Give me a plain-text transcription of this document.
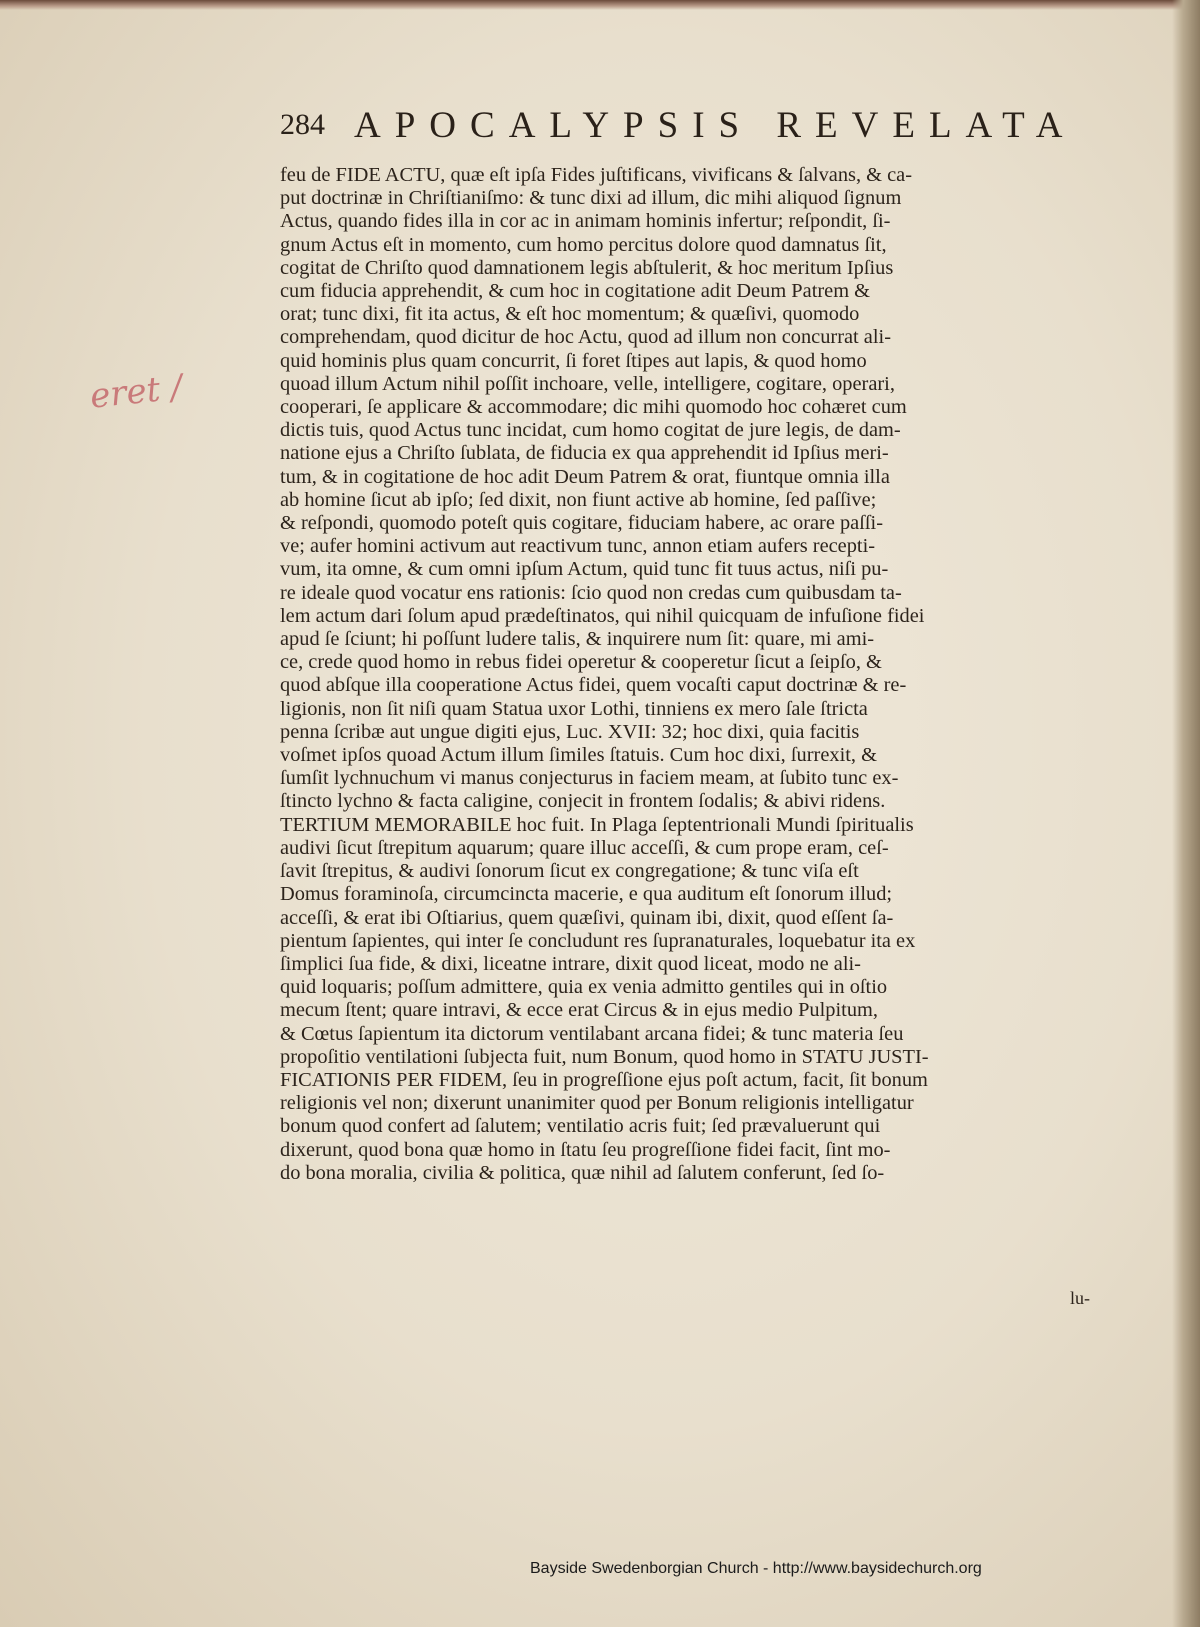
284 APOCALYPSIS REVELATA
eret /
feu de FIDE ACTU, quæ eſt ipſa Fides juſtificans, vivificans & ſalvans, & ca-
put doctrinæ in Chriſtianiſmo: & tunc dixi ad illum, dic mihi aliquod ſignum
Actus, quando fides illa in cor ac in animam hominis infertur; reſpondit, ſi-
gnum Actus eſt in momento, cum homo percitus dolore quod damnatus ſit,
cogitat de Chriſto quod damnationem legis abſtulerit, & hoc meritum Ipſius
cum fiducia apprehendit, & cum hoc in cogitatione adit Deum Patrem &
orat; tunc dixi, fit ita actus, & eſt hoc momentum; & quæſivi, quomodo
comprehendam, quod dicitur de hoc Actu, quod ad illum non concurrat ali-
quid hominis plus quam concurrit, ſi foret ſtipes aut lapis, & quod homo
quoad illum Actum nihil poſſit inchoare, velle, intelligere, cogitare, operari,
cooperari, ſe applicare & accommodare; dic mihi quomodo hoc cohæret cum
dictis tuis, quod Actus tunc incidat, cum homo cogitat de jure legis, de dam-
natione ejus a Chriſto ſublata, de fiducia ex qua apprehendit id Ipſius meri-
tum, & in cogitatione de hoc adit Deum Patrem & orat, fiuntque omnia illa
ab homine ſicut ab ipſo; ſed dixit, non fiunt active ab homine, ſed paſſive;
& reſpondi, quomodo poteſt quis cogitare, fiduciam habere, ac orare paſſi-
ve; aufer homini activum aut reactivum tunc, annon etiam aufers recepti-
vum, ita omne, & cum omni ipſum Actum, quid tunc fit tuus actus, niſi pu-
re ideale quod vocatur ens rationis: ſcio quod non credas cum quibusdam ta-
lem actum dari ſolum apud prædeſtinatos, qui nihil quicquam de infuſione fidei
apud ſe ſciunt; hi poſſunt ludere talis, & inquirere num ſit: quare, mi ami-
ce, crede quod homo in rebus fidei operetur & cooperetur ſicut a ſeipſo, &
quod abſque illa cooperatione Actus fidei, quem vocaſti caput doctrinæ & re-
ligionis, non ſit niſi quam Statua uxor Lothi, tinniens ex mero ſale ſtricta
penna ſcribæ aut ungue digiti ejus, Luc. XVII: 32; hoc dixi, quia facitis
voſmet ipſos quoad Actum illum ſimiles ſtatuis. Cum hoc dixi, ſurrexit, &
ſumſit lychnuchum vi manus conjecturus in faciem meam, at ſubito tunc ex-
ſtincto lychno & facta caligine, conjecit in frontem ſodalis; & abivi ridens.
TERTIUM MEMORABILE hoc fuit. In Plaga ſeptentrionali Mundi ſpiritualis
audivi ſicut ſtrepitum aquarum; quare illuc acceſſi, & cum prope eram, ceſ-
ſavit ſtrepitus, & audivi ſonorum ſicut ex congregatione; & tunc viſa eſt
Domus foraminoſa, circumcincta macerie, e qua auditum eſt ſonorum illud;
acceſſi, & erat ibi Oſtiarius, quem quæſivi, quinam ibi, dixit, quod eſſent ſa-
pientum ſapientes, qui inter ſe concludunt res ſupranaturales, loquebatur ita ex
ſimplici ſua fide, & dixi, liceatne intrare, dixit quod liceat, modo ne ali-
quid loquaris; poſſum admittere, quia ex venia admitto gentiles qui in oſtio
mecum ſtent; quare intravi, & ecce erat Circus & in ejus medio Pulpitum,
& Cœtus ſapientum ita dictorum ventilabant arcana fidei; & tunc materia ſeu
propoſitio ventilationi ſubjecta fuit, num Bonum, quod homo in STATU JUSTI-
FICATIONIS PER FIDEM, ſeu in progreſſione ejus poſt actum, facit, ſit bonum
religionis vel non; dixerunt unanimiter quod per Bonum religionis intelligatur
bonum quod confert ad ſalutem; ventilatio acris fuit; ſed prævaluerunt qui
dixerunt, quod bona quæ homo in ſtatu ſeu progreſſione fidei facit, ſint mo-
do bona moralia, civilia & politica, quæ nihil ad ſalutem conferunt, ſed ſo-
lu-
Bayside Swedenborgian Church - http://www.baysidechurch.org
